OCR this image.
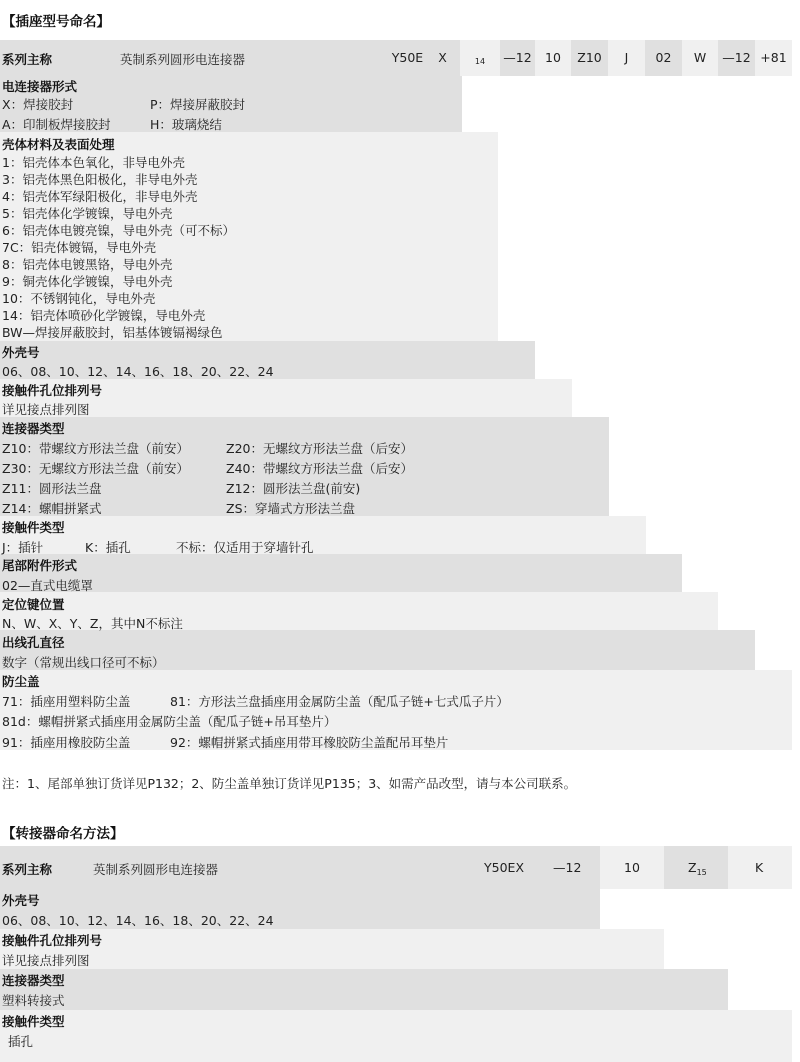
【插座型号命名】
系列主称	英制系列圆形电连接器	Y50E	X	14	—12	10	Z10	J	02	W	—12 +81
电连接器形式
X：焊接胶封	P：焊接屏蔽胶封
A：印制板焊接胶封	H：玻璃烧结
壳体材料及表面处理
1：铝壳体本色氧化，非导电外壳
3：铝壳体黑色阳极化，非导电外壳
4：铝壳体军绿阳极化，非导电外壳
5：铝壳体化学镀镍，导电外壳
6：铝壳体电镀亮镍，导电外壳（可不标）
7C：铝壳体镀镉，导电外壳
8：铝壳体电镀黑铬，导电外壳
9：铜壳体化学镀镍，导电外壳
10：不锈钢钝化，导电外壳
14：铝壳体喷砂化学镀镍，导电外壳
BW—焊接屏蔽胶封，铝基体镀镉褐绿色
外壳号
06、08、10、12、14、16、18、20、22、24
接触件孔位排列号
详见接点排列图
连接器类型
Z10：带螺纹方形法兰盘（前安）	Z20：无螺纹方形法兰盘（后安）
Z30：无螺纹方形法兰盘（前安）	Z40：带螺纹方形法兰盘（后安）
Z11：圆形法兰盘	Z12：圆形法兰盘(前安)
Z14：螺帽拼紧式	ZS：穿墙式方形法兰盘
接触件类型
J：插针	K：插孔	不标：仅适用于穿墙针孔
尾部附件形式
02—直式电缆罩
定位键位置
N、W、X、Y、Z，其中N不标注
出线孔直径
数字（常规出线口径可不标）
防尘盖
71：插座用塑料防尘盖	81：方形法兰盘插座用金属防尘盖（配瓜子链+七式瓜子片）
81d：螺帽拼紧式插座用金属防尘盖（配瓜子链+吊耳垫片）
91：插座用橡胶防尘盖	92：螺帽拼紧式插座用带耳橡胶防尘盖配吊耳垫片
注：1、尾部单独订货详见P132；2、防尘盖单独订货详见P135；3、如需产品改型，请与本公司联系。
【转接器命名方法】
系列主称	英制系列圆形电连接器	Y50EX —12	10	$Z_{15}$	K
外壳号
06、08、10、12、14、16、18、20、22、24
接触件孔位排列号
详见接点排列图
连接器类型
塑料转接式
接触件类型
插孔
